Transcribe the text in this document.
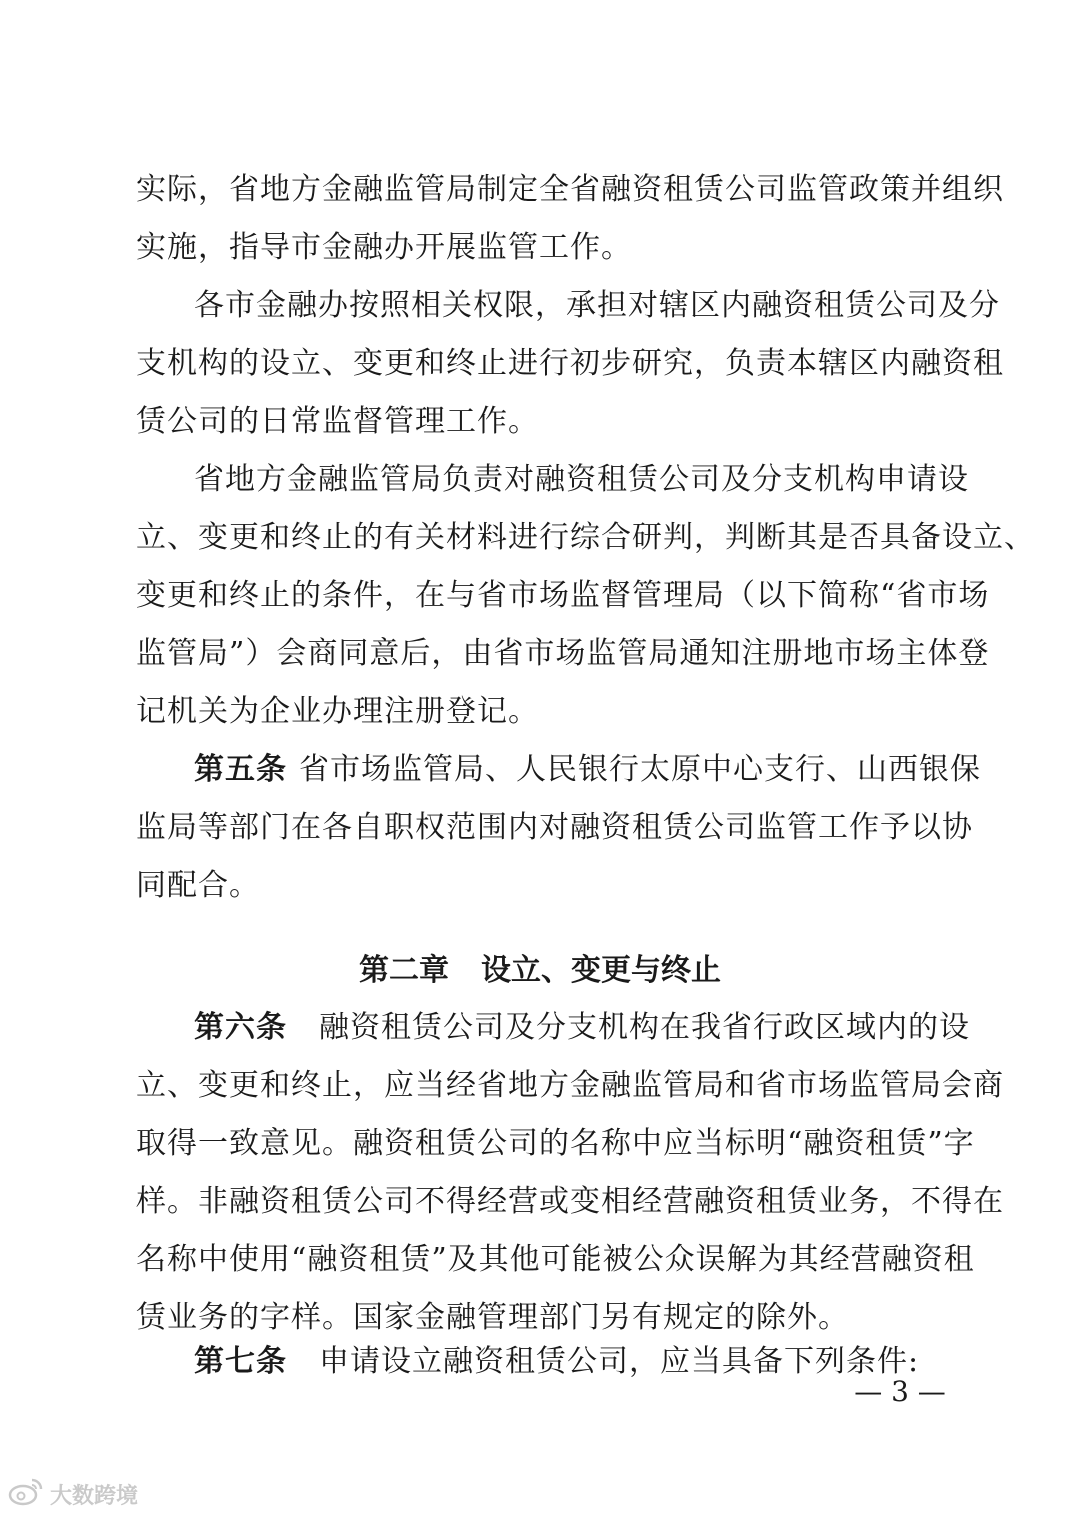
实际，省地方金融监管局制定全省融资租赁公司监管政策并组织
实施，指导市金融办开展监管工作。
各市金融办按照相关权限，承担对辖区内融资租赁公司及分
支机构的设立、变更和终止进行初步研究，负责本辖区内融资租
赁公司的日常监督管理工作。
省地方金融监管局负责对融资租赁公司及分支机构申请设
立、变更和终止的有关材料进行综合研判，判断其是否具备设立、
变更和终止的条件，在与省市场监督管理局（以下简称“省市场
监管局”）会商同意后，由省市场监管局通知注册地市场主体登
记机关为企业办理注册登记。
第五条 省市场监管局、人民银行太原中心支行、山西银保
监局等部门在各自职权范围内对融资租赁公司监管工作予以协
同配合。
第二章 设立、变更与终止
第六条 融资租赁公司及分支机构在我省行政区域内的设
立、变更和终止，应当经省地方金融监管局和省市场监管局会商
取得一致意见。融资租赁公司的名称中应当标明“融资租赁”字
样。非融资租赁公司不得经营或变相经营融资租赁业务，不得在
名称中使用“融资租赁”及其他可能被公众误解为其经营融资租
赁业务的字样。国家金融管理部门另有规定的除外。
第七条 申请设立融资租赁公司，应当具备下列条件:
— 3 —
大数跨境
